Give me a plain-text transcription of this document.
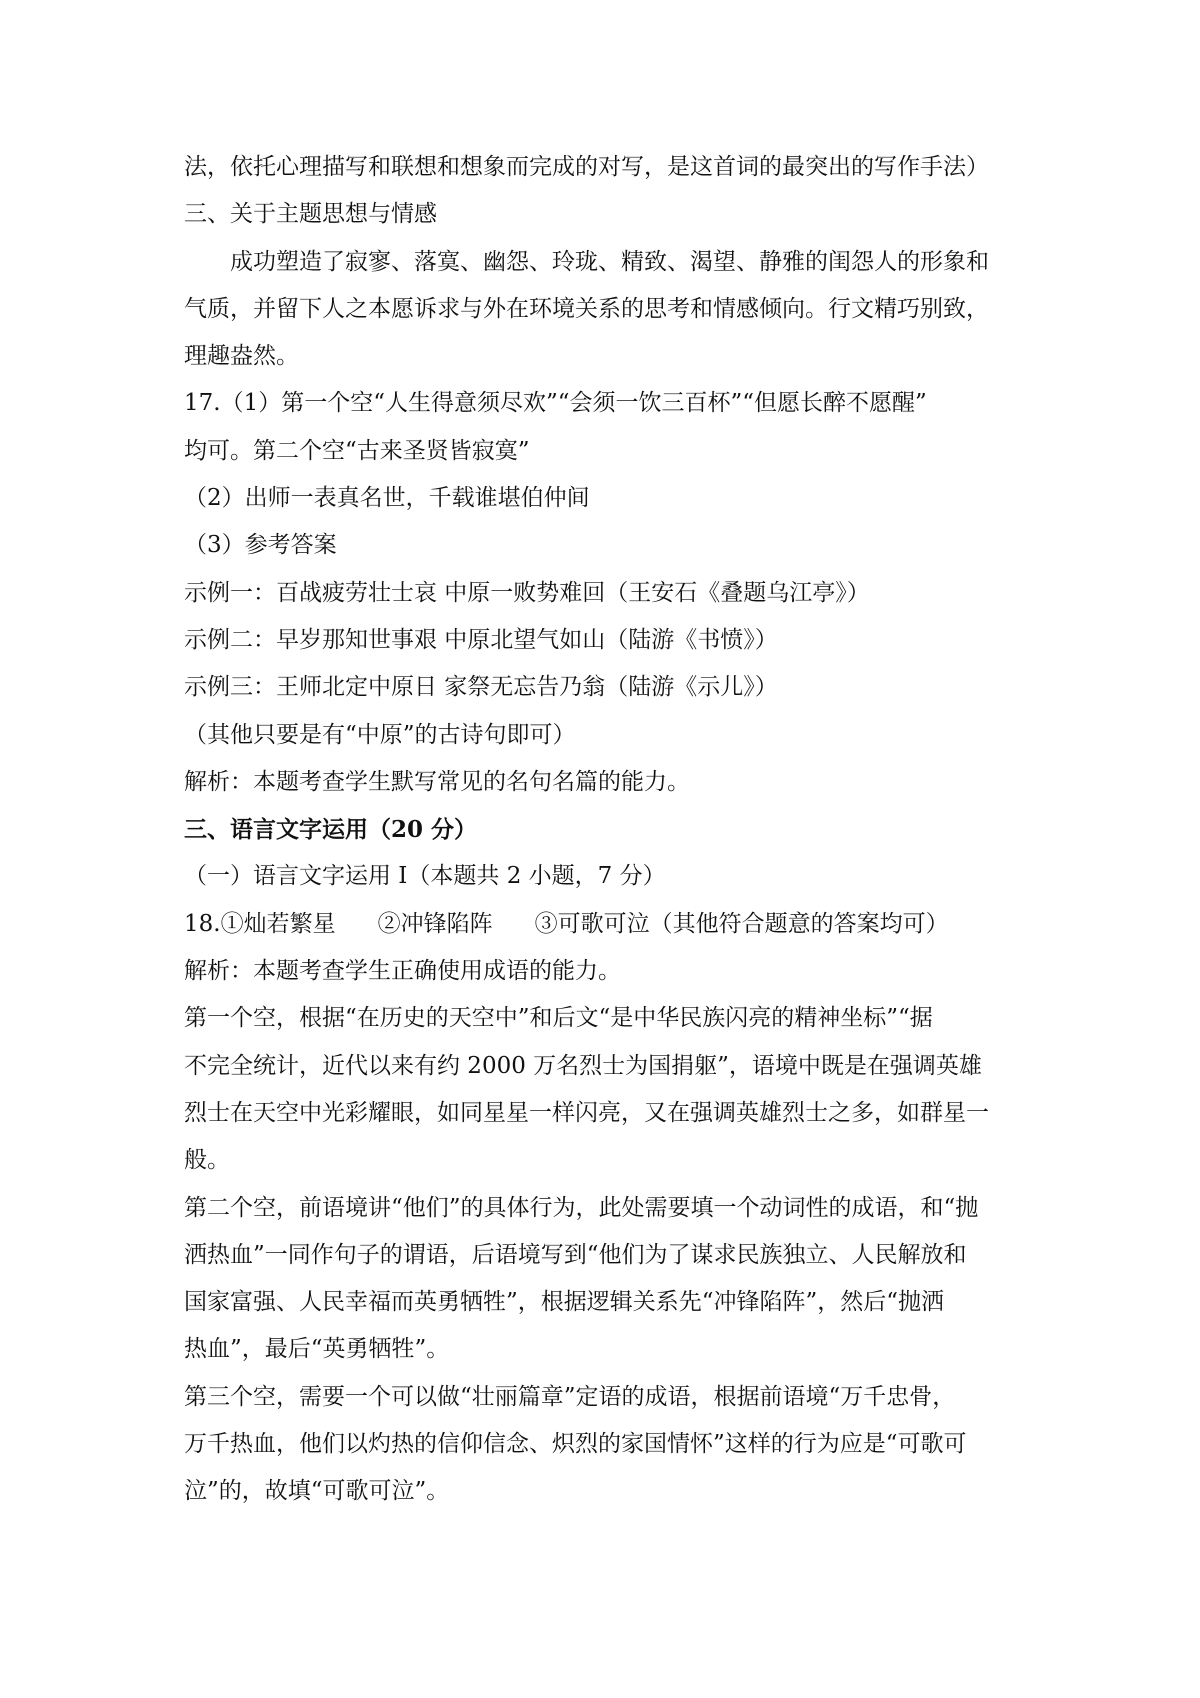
法，依托心理描写和联想和想象而完成的对写，是这首词的最突出的写作手法）
三、关于主题思想与情感
成功塑造了寂寥、落寞、幽怨、玲珑、精致、渴望、静雅的闺怨人的形象和
气质，并留下人之本愿诉求与外在环境关系的思考和情感倾向。行文精巧别致，
理趣盎然。
17.（1）第一个空“人生得意须尽欢”“会须一饮三百杯”“但愿长醉不愿醒”
均可。第二个空“古来圣贤皆寂寞”
（2）出师一表真名世，千载谁堪伯仲间
（3）参考答案
示例一：百战疲劳壮士哀 中原一败势难回（王安石《叠题乌江亭》）
示例二：早岁那知世事艰 中原北望气如山（陆游《书愤》）
示例三：王师北定中原日 家祭无忘告乃翁（陆游《示儿》）
（其他只要是有“中原”的古诗句即可）
解析：本题考查学生默写常见的名句名篇的能力。
三、语言文字运用（20 分）
（一）语言文字运用 I（本题共 2 小题，7 分）
18.①灿若繁星 ②冲锋陷阵 ③可歌可泣（其他符合题意的答案均可）
解析：本题考查学生正确使用成语的能力。
第一个空，根据“在历史的天空中”和后文“是中华民族闪亮的精神坐标”“据
不完全统计，近代以来有约 2000 万名烈士为国捐躯”，语境中既是在强调英雄
烈士在天空中光彩耀眼，如同星星一样闪亮，又在强调英雄烈士之多，如群星一
般。
第二个空，前语境讲“他们”的具体行为，此处需要填一个动词性的成语，和“抛
洒热血”一同作句子的谓语，后语境写到“他们为了谋求民族独立、人民解放和
国家富强、人民幸福而英勇牺牲”，根据逻辑关系先“冲锋陷阵”，然后“抛洒
热血”，最后“英勇牺牲”。
第三个空，需要一个可以做“壮丽篇章”定语的成语，根据前语境“万千忠骨，
万千热血，他们以灼热的信仰信念、炽烈的家国情怀”这样的行为应是“可歌可
泣”的，故填“可歌可泣”。
